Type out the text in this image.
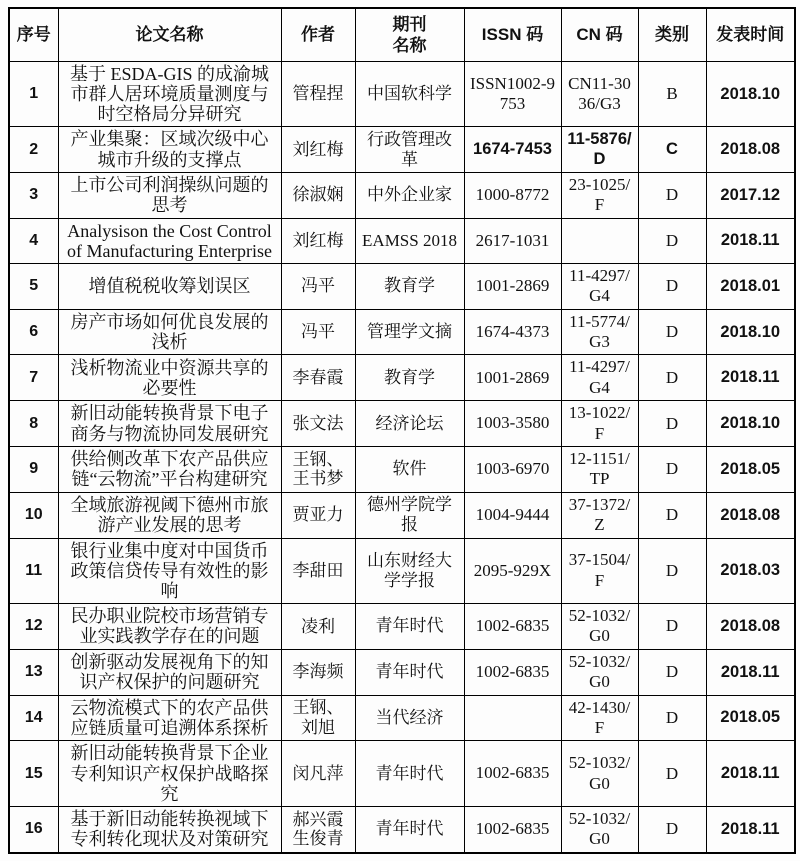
序号	论文名称	作者	期刊名称	ISSN 码	CN 码	类别	发表时间
1	基于 ESDA-GIS 的成渝城市群人居环境质量测度与时空格局分异研究	管程捏	中国软科学	ISSN1002-9753	CN11-3036/G3	B	2018.10
2	产业集聚：区域次级中心城市升级的支撑点	刘红梅	行政管理改革	1674-7453	11-5876/D	C	2018.08
3	上市公司利润操纵问题的思考	徐淑娴	中外企业家	1000-8772	23-1025/F	D	2017.12
4	Analysison the Cost Control of Manufacturing Enterprise	刘红梅	EAMSS 2018	2617-1031		D	2018.11
5	增值税税收筹划误区	冯平	教育学	1001-2869	11-4297/G4	D	2018.01
6	房产市场如何优良发展的浅析	冯平	管理学文摘	1674-4373	11-5774/G3	D	2018.10
7	浅析物流业中资源共享的必要性	李春霞	教育学	1001-2869	11-4297/G4	D	2018.11
8	新旧动能转换背景下电子商务与物流协同发展研究	张文法	经济论坛	1003-3580	13-1022/F	D	2018.10
9	供给侧改革下农产品供应链“云物流”平台构建研究	王钢、王书梦	软件	1003-6970	12-1151/TP	D	2018.05
10	全域旅游视阈下德州市旅游产业发展的思考	贾亚力	德州学院学报	1004-9444	37-1372/Z	D	2018.08
11	银行业集中度对中国货币政策信贷传导有效性的影响	李甜田	山东财经大学学报	2095-929X	37-1504/F	D	2018.03
12	民办职业院校市场营销专业实践教学存在的问题	凌利	青年时代	1002-6835	52-1032/G0	D	2018.08
13	创新驱动发展视角下的知识产权保护的问题研究	李海频	青年时代	1002-6835	52-1032/G0	D	2018.11
14	云物流模式下的农产品供应链质量可追溯体系探析	王钢、刘旭	当代经济		42-1430/F	D	2018.05
15	新旧动能转换背景下企业专利知识产权保护战略探究	闵凡萍	青年时代	1002-6835	52-1032/G0	D	2018.11
16	基于新旧动能转换视域下专利转化现状及对策研究	郝兴霞生俊青	青年时代	1002-6835	52-1032/G0	D	2018.11
